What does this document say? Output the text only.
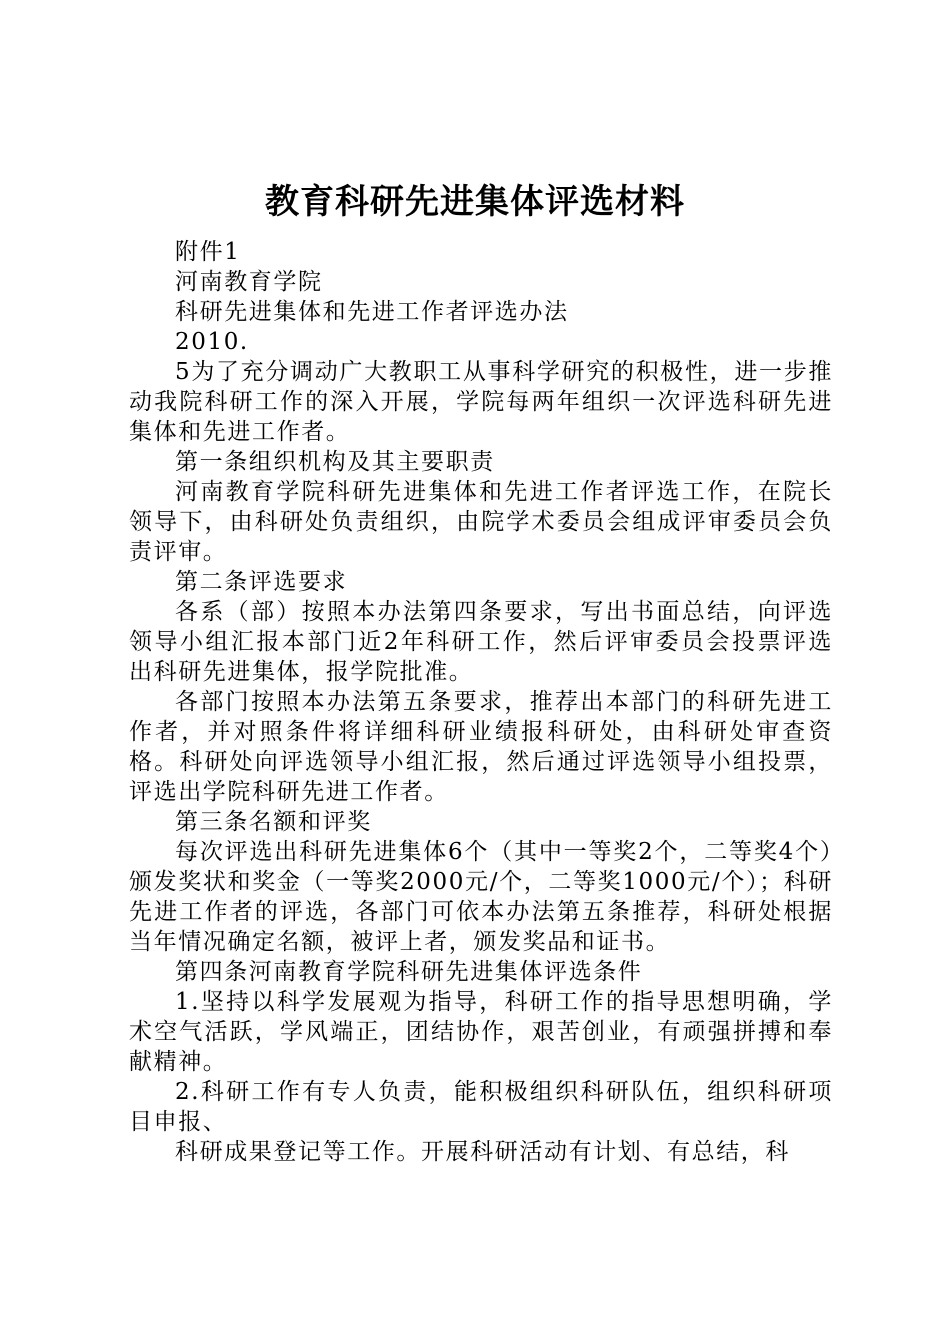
教育科研先进集体评选材料

附件1

河南教育学院

科研先进集体和先进工作者评选办法

2010.

5为了充分调动广大教职工从事科学研究的积极性，进一步推动我院科研工作的深入开展，学院每两年组织一次评选科研先进集体和先进工作者。

第一条组织机构及其主要职责

河南教育学院科研先进集体和先进工作者评选工作，在院长领导下，由科研处负责组织，由院学术委员会组成评审委员会负责评审。

第二条评选要求

各系（部）按照本办法第四条要求，写出书面总结，向评选领导小组汇报本部门近2年科研工作，然后评审委员会投票评选出科研先进集体，报学院批准。

各部门按照本办法第五条要求，推荐出本部门的科研先进工作者，并对照条件将详细科研业绩报科研处，由科研处审查资格。科研处向评选领导小组汇报，然后通过评选领导小组投票，评选出学院科研先进工作者。

第三条名额和评奖

每次评选出科研先进集体6个（其中一等奖2个，二等奖4个）颁发奖状和奖金（一等奖2000元/个，二等奖1000元/个）；科研先进工作者的评选，各部门可依本办法第五条推荐，科研处根据当年情况确定名额，被评上者，颁发奖品和证书。

第四条河南教育学院科研先进集体评选条件

1.坚持以科学发展观为指导，科研工作的指导思想明确，学术空气活跃，学风端正，团结协作，艰苦创业，有顽强拼搏和奉献精神。

2.科研工作有专人负责，能积极组织科研队伍，组织科研项目申报、

科研成果登记等工作。开展科研活动有计划、有总结，科
